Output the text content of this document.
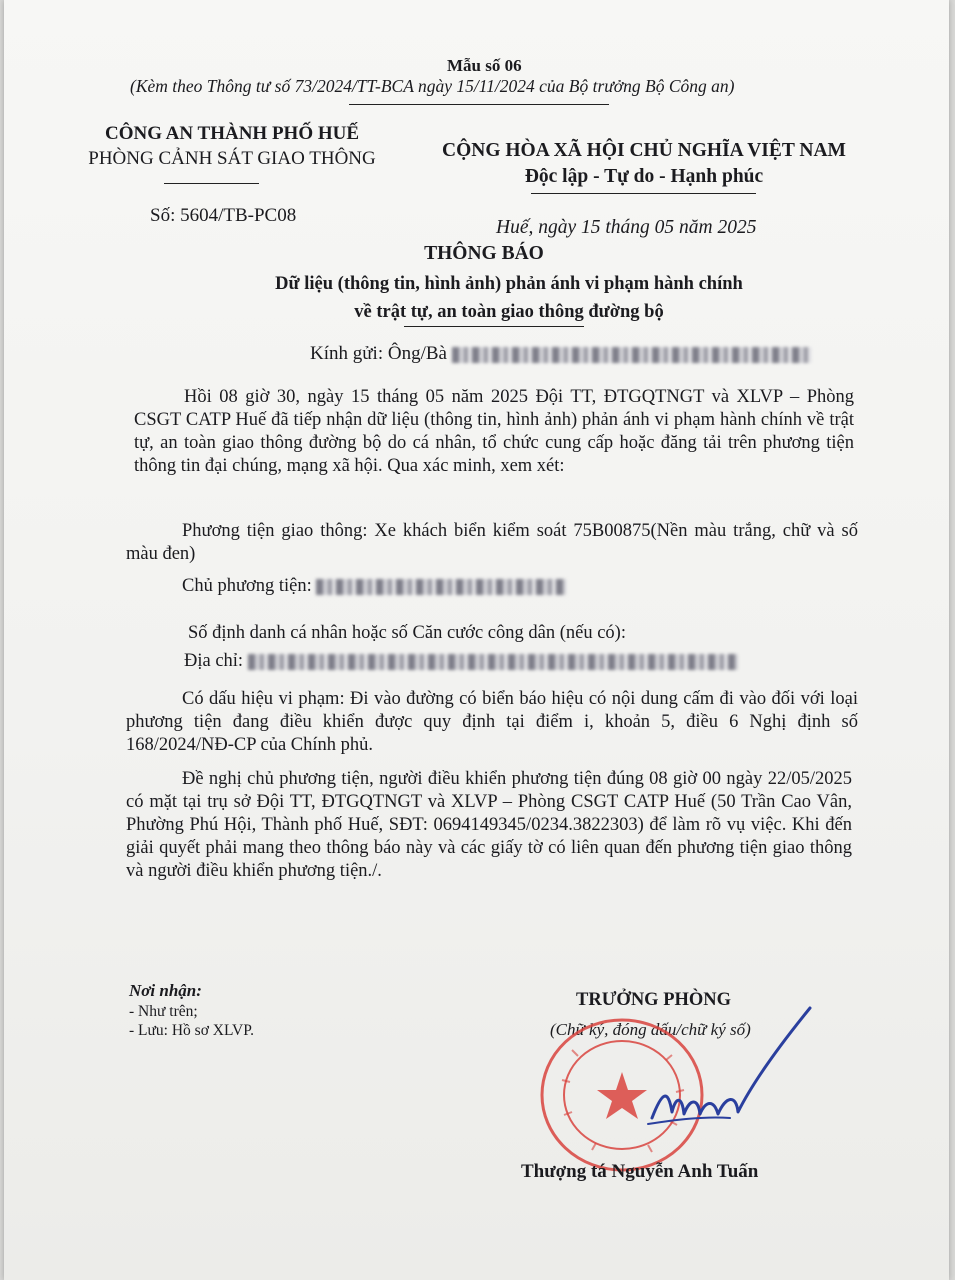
Mẫu số 06
(Kèm theo Thông tư số 73/2024/TT-BCA ngày 15/11/2024 của Bộ trưởng Bộ Công an)
CÔNG AN THÀNH PHỐ HUẾ
PHÒNG CẢNH SÁT GIAO THÔNG
Số: 5604/TB-PC08
CỘNG HÒA XÃ HỘI CHỦ NGHĨA VIỆT NAM
Độc lập - Tự do - Hạnh phúc
Huế, ngày 15 tháng 05 năm 2025
THÔNG BÁO
Dữ liệu (thông tin, hình ảnh) phản ánh vi phạm hành chính
về trật tự, an toàn giao thông đường bộ
Kính gửi: Ông/Bà
Hồi 08 giờ 30, ngày 15 tháng 05 năm 2025 Đội TT, ĐTGQTNGT và XLVP – Phòng CSGT CATP Huế đã tiếp nhận dữ liệu (thông tin, hình ảnh) phản ánh vi phạm hành chính về trật tự, an toàn giao thông đường bộ do cá nhân, tổ chức cung cấp hoặc đăng tải trên phương tiện thông tin đại chúng, mạng xã hội. Qua xác minh, xem xét:
Phương tiện giao thông: Xe khách biển kiểm soát 75B00875(Nền màu trắng, chữ và số màu đen)
Chủ phương tiện:
Số định danh cá nhân hoặc số Căn cước công dân (nếu có):
Địa chỉ:
Có dấu hiệu vi phạm: Đi vào đường có biển báo hiệu có nội dung cấm đi vào đối với loại phương tiện đang điều khiển được quy định tại điểm i, khoản 5, điều 6 Nghị định số 168/2024/NĐ-CP của Chính phủ.
Đề nghị chủ phương tiện, người điều khiển phương tiện đúng 08 giờ 00 ngày 22/05/2025 có mặt tại trụ sở Đội TT, ĐTGQTNGT và XLVP – Phòng CSGT CATP Huế (50 Trần Cao Vân, Phường Phú Hội, Thành phố Huế, SĐT: 0694149345/0234.3822303) để làm rõ vụ việc. Khi đến giải quyết phải mang theo thông báo này và các giấy tờ có liên quan đến phương tiện giao thông và người điều khiển phương tiện./.
Nơi nhận:
- Như trên;
- Lưu: Hồ sơ XLVP.
TRƯỞNG PHÒNG
(Chữ ký, đóng dấu/chữ ký số)
Thượng tá Nguyễn Anh Tuấn
